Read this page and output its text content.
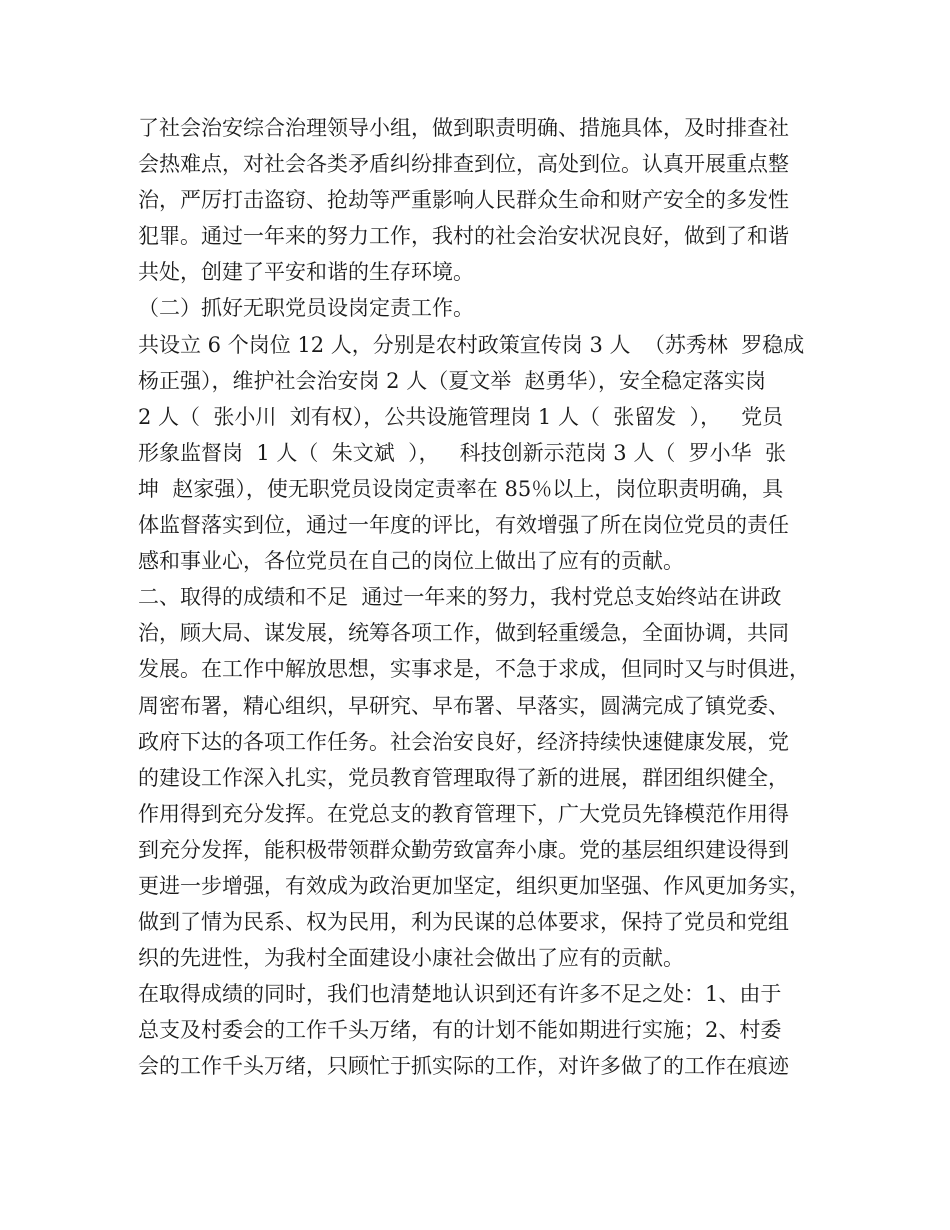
了社会治安综合治理领导小组，做到职责明确、措施具体，及时排查社
会热难点，对社会各类矛盾纠纷排查到位，高处到位。认真开展重点整
治，严厉打击盗窃、抢劫等严重影响人民群众生命和财产安全的多发性
犯罪。通过一年来的努力工作，我村的社会治安状况良好，做到了和谐
共处，创建了平安和谐的生存环境。
（二）抓好无职党员设岗定责工作。
共设立 6 个岗位 12 人，分别是农村政策宣传岗 3 人  （苏秀林  罗稳成
杨正强），维护社会治安岗 2 人（夏文举  赵勇华），安全稳定落实岗
2 人（  张小川  刘有权），公共设施管理岗 1 人（  张留发  ），   党员
形象监督岗  1 人（  朱文斌  ），   科技创新示范岗 3 人（  罗小华  张
坤  赵家强），使无职党员设岗定责率在 85％以上，岗位职责明确，具
体监督落实到位，通过一年度的评比，有效增强了所在岗位党员的责任
感和事业心，各位党员在自己的岗位上做出了应有的贡献。
二、取得的成绩和不足  通过一年来的努力，我村党总支始终站在讲政
治，顾大局、谋发展，统筹各项工作，做到轻重缓急，全面协调，共同
发展。在工作中解放思想，实事求是，不急于求成，但同时又与时俱进，
周密布署，精心组织，早研究、早布署、早落实，圆满完成了镇党委、
政府下达的各项工作任务。社会治安良好，经济持续快速健康发展，党
的建设工作深入扎实，党员教育管理取得了新的进展，群团组织健全，
作用得到充分发挥。在党总支的教育管理下，广大党员先锋模范作用得
到充分发挥，能积极带领群众勤劳致富奔小康。党的基层组织建设得到
更进一步增强，有效成为政治更加坚定，组织更加坚强、作风更加务实，
做到了情为民系、权为民用，利为民谋的总体要求，保持了党员和党组
织的先进性，为我村全面建设小康社会做出了应有的贡献。
在取得成绩的同时，我们也清楚地认识到还有许多不足之处：1、由于
总支及村委会的工作千头万绪，有的计划不能如期进行实施；2、村委
会的工作千头万绪，只顾忙于抓实际的工作，对许多做了的工作在痕迹
